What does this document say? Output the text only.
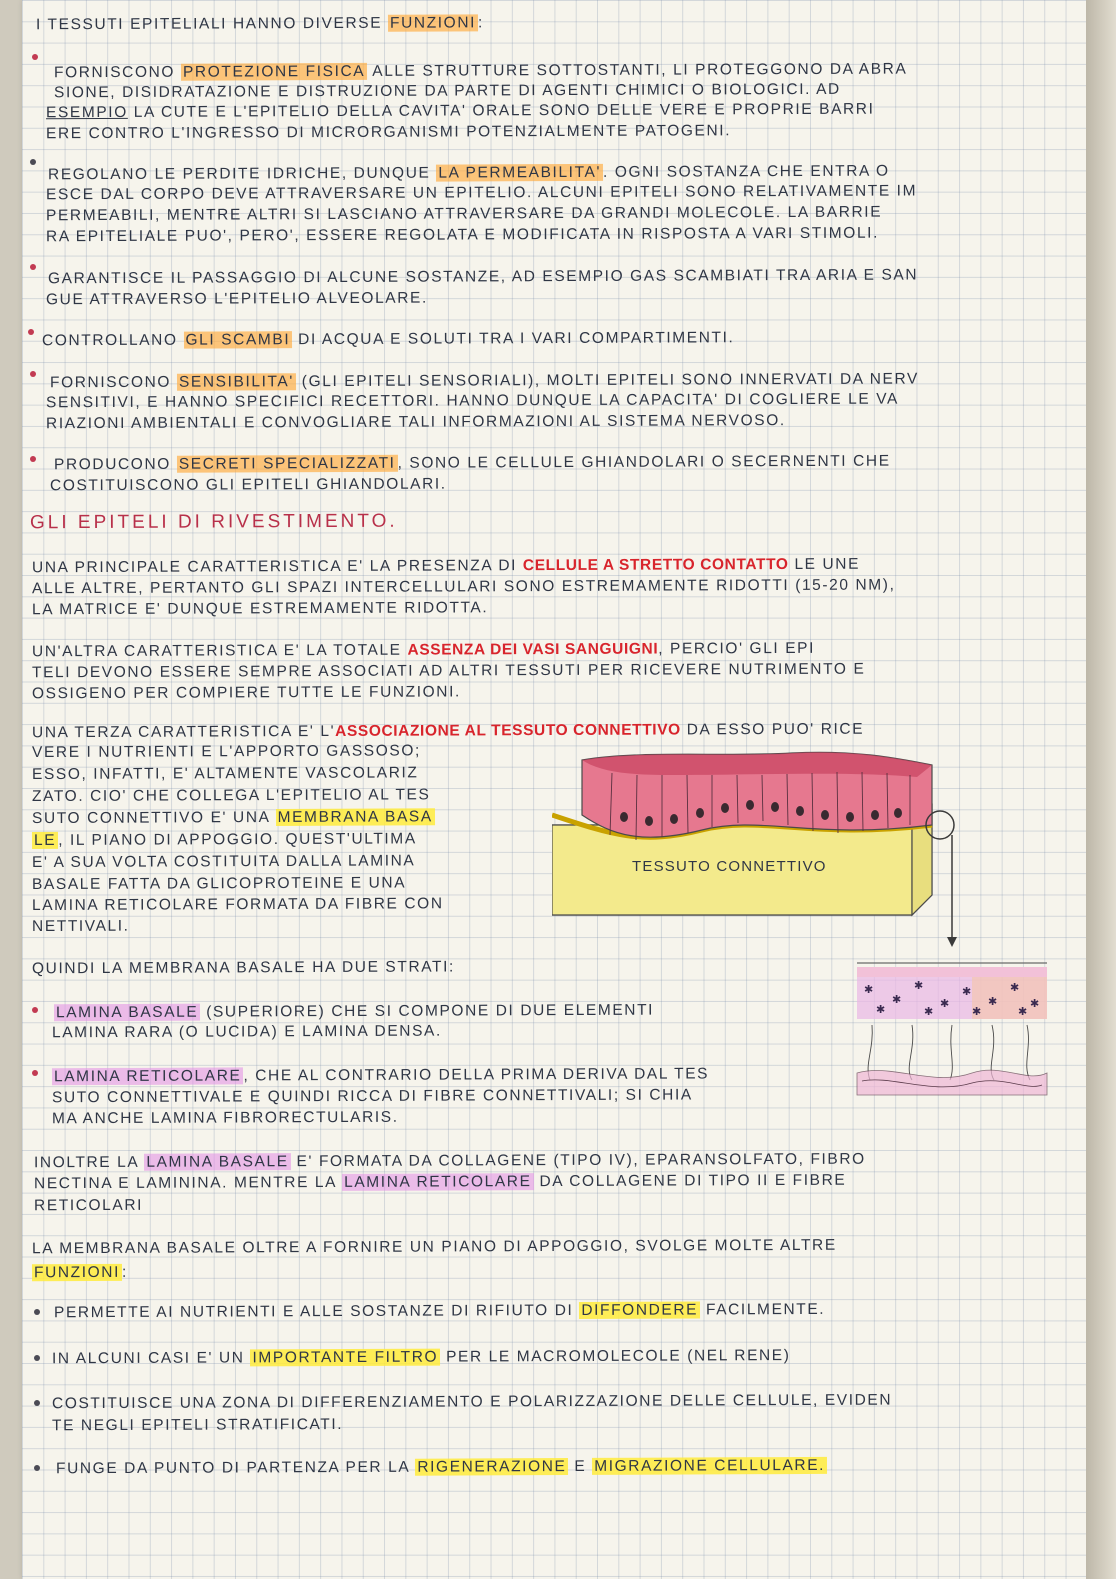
I TESSUTI EPITELIALI HANNO DIVERSE FUNZIONI :
FORNISCONO PROTEZIONE FISICA ALLE STRUTTURE SOTTOSTANTI, LI PROTEGGONO DA ABRA
SIONE, DISIDRATAZIONE E DISTRUZIONE DA PARTE DI AGENTI CHIMICI O BIOLOGICI. AD
ESEMPIO LA CUTE E L'EPITELIO DELLA CAVITA' ORALE SONO DELLE VERE E PROPRIE BARRI
ERE CONTRO L'INGRESSO DI MICRORGANISMI POTENZIALMENTE PATOGENI.
REGOLANO LE PERDITE IDRICHE, DUNQUE LA PERMEABILITA' . OGNI SOSTANZA CHE ENTRA O
ESCE DAL CORPO DEVE ATTRAVERSARE UN EPITELIO. ALCUNI EPITELI SONO RELATIVAMENTE IM
PERMEABILI, MENTRE ALTRI SI LASCIANO ATTRAVERSARE DA GRANDI MOLECOLE. LA BARRIE
RA EPITELIALE PUO', PERO', ESSERE REGOLATA E MODIFICATA IN RISPOSTA A VARI STIMOLI.
GARANTISCE IL PASSAGGIO DI ALCUNE SOSTANZE, AD ESEMPIO GAS SCAMBIATI TRA ARIA E SAN
GUE ATTRAVERSO L'EPITELIO ALVEOLARE.
CONTROLLANO GLI SCAMBI DI ACQUA E SOLUTI TRA I VARI COMPARTIMENTI.
FORNISCONO SENSIBILITA' (GLI EPITELI SENSORIALI), MOLTI EPITELI SONO INNERVATI DA NERV
SENSITIVI, E HANNO SPECIFICI RECETTORI. HANNO DUNQUE LA CAPACITA' DI COGLIERE LE VA
RIAZIONI AMBIENTALI E CONVOGLIARE TALI INFORMAZIONI AL SISTEMA NERVOSO.
PRODUCONO SECRETI SPECIALIZZATI , SONO LE CELLULE GHIANDOLARI O SECERNENTI CHE
COSTITUISCONO GLI EPITELI GHIANDOLARI.
GLI EPITELI DI RIVESTIMENTO.
UNA PRINCIPALE CARATTERISTICA E' LA PRESENZA DI CELLULE A STRETTO CONTATTO LE UNE
ALLE ALTRE, PERTANTO GLI SPAZI INTERCELLULARI SONO ESTREMAMENTE RIDOTTI (15-20 NM),
LA MATRICE E' DUNQUE ESTREMAMENTE RIDOTTA.
UN'ALTRA CARATTERISTICA E' LA TOTALE ASSENZA DEI VASI SANGUIGNI, PERCIO' GLI EPI
TELI DEVONO ESSERE SEMPRE ASSOCIATI AD ALTRI TESSUTI PER RICEVERE NUTRIMENTO E
OSSIGENO PER COMPIERE TUTTE LE FUNZIONI.
UNA TERZA CARATTERISTICA E' L'ASSOCIAZIONE AL TESSUTO CONNETTIVO DA ESSO PUO' RICE
VERE I NUTRIENTI E L'APPORTO GASSOSO;
ESSO, INFATTI, E' ALTAMENTE VASCOLARIZ
ZATO. CIO' CHE COLLEGA L'EPITELIO AL TES
SUTO CONNETTIVO E' UNA MEMBRANA BASA
LE , IL PIANO DI APPOGGIO. QUEST'ULTIMA
E' A SUA VOLTA COSTITUITA DALLA LAMINA
BASALE FATTA DA GLICOPROTEINE E UNA
LAMINA RETICOLARE FORMATA DA FIBRE CON
NETTIVALI.
TESSUTO CONNETTIVO
✱
✱
✱
✱
✱
✱
✱
✱
✱	✱	✱	✱
QUINDI LA MEMBRANA BASALE HA DUE STRATI:
LAMINA BASALE (SUPERIORE) CHE SI COMPONE DI DUE ELEMENTI
LAMINA RARA (O LUCIDA) E LAMINA DENSA.
LAMINA RETICOLARE , CHE AL CONTRARIO DELLA PRIMA DERIVA DAL TES
SUTO CONNETTIVALE E QUINDI RICCA DI FIBRE CONNETTIVALI; SI CHIA
MA ANCHE LAMINA FIBRORECTULARIS.
INOLTRE LA LAMINA BASALE E' FORMATA DA COLLAGENE (TIPO IV), EPARANSOLFATO, FIBRO
NECTINA E LAMININA. MENTRE LA LAMINA RETICOLARE DA COLLAGENE DI TIPO II E FIBRE
RETICOLARI
LA MEMBRANA BASALE OLTRE A FORNIRE UN PIANO DI APPOGGIO, SVOLGE MOLTE ALTRE
FUNZIONI :
PERMETTE AI NUTRIENTI E ALLE SOSTANZE DI RIFIUTO DI DIFFONDERE FACILMENTE.
IN ALCUNI CASI E' UN IMPORTANTE FILTRO PER LE MACROMOLECOLE (NEL RENE)
COSTITUISCE UNA ZONA DI DIFFERENZIAMENTO E POLARIZZAZIONE DELLE CELLULE, EVIDEN
TE NEGLI EPITELI STRATIFICATI.
FUNGE DA PUNTO DI PARTENZA PER LA RIGENERAZIONE E MIGRAZIONE CELLULARE.
